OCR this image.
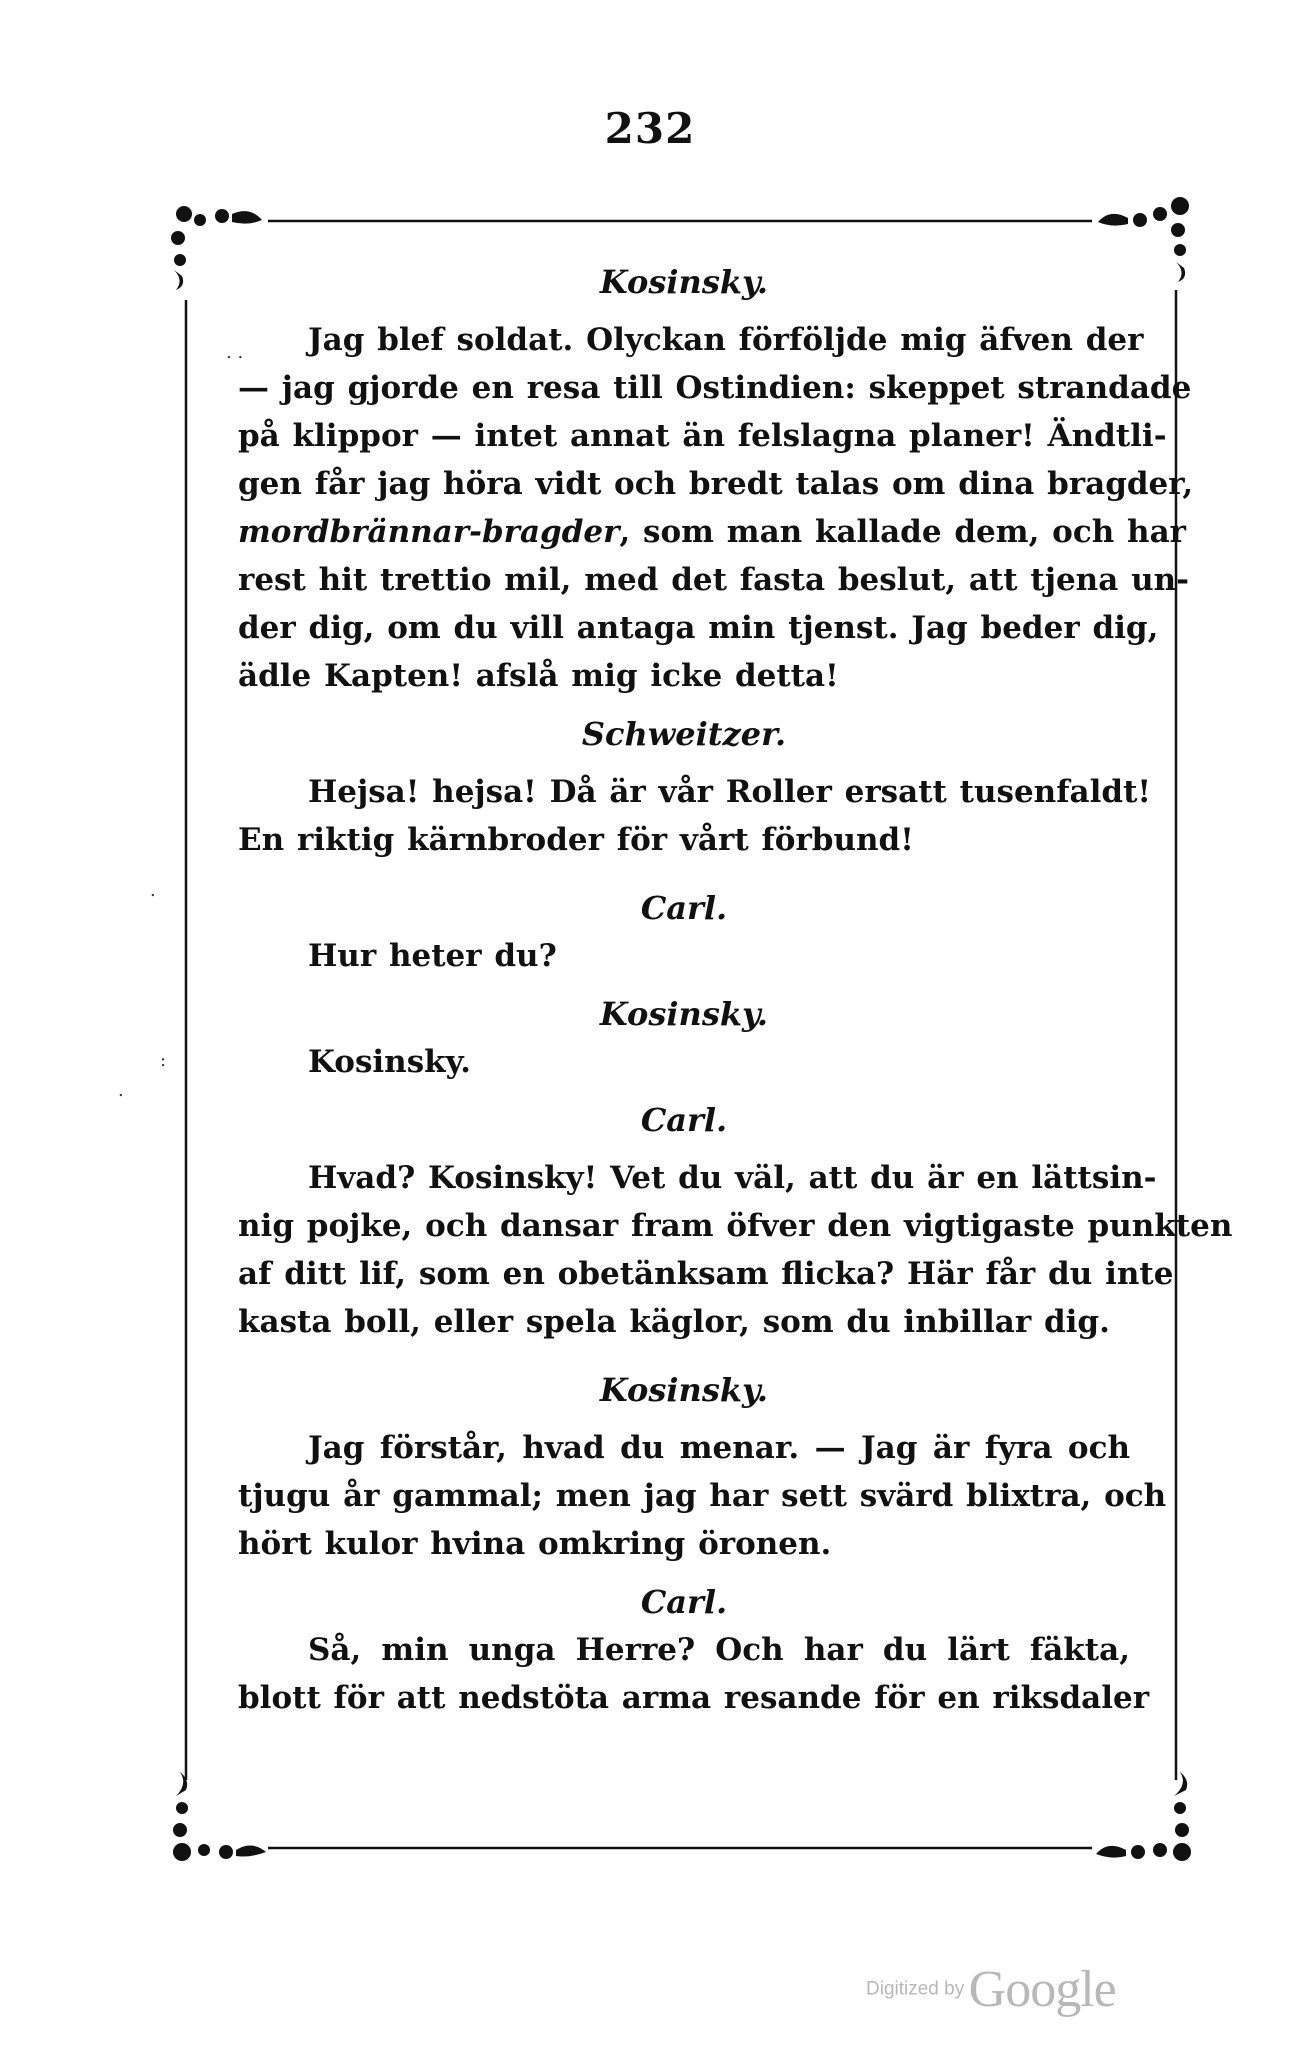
232
. .
.
:
.
Kosinsky.
Jag blef soldat. Olyckan förföljde mig äfven der
— jag gjorde en resa till Ostindien: skeppet strandade
på klippor — intet annat än felslagna planer! Ändtli-
gen får jag höra vidt och bredt talas om dina bragder,
mordbrännar-bragder, som man kallade dem, och har
rest hit trettio mil, med det fasta beslut, att tjena un-
der dig, om du vill antaga min tjenst. Jag beder dig,
ädle Kapten! afslå mig icke detta!
Schweitzer.
Hejsa! hejsa! Då är vår Roller ersatt tusenfaldt!
En riktig kärnbroder för vårt förbund!
Carl.
Hur heter du?
Kosinsky.
Kosinsky.
Carl.
Hvad? Kosinsky! Vet du väl, att du är en lättsin-
nig pojke, och dansar fram öfver den vigtigaste punkten
af ditt lif, som en obetänksam flicka? Här får du inte
kasta boll, eller spela käglor, som du inbillar dig.
Kosinsky.
Jag förstår, hvad du menar. — Jag är fyra och
tjugu år gammal; men jag har sett svärd blixtra, och
hört kulor hvina omkring öronen.
Carl.
Så, min unga Herre? Och har du lärt fäkta,
blott för att nedstöta arma resande för en riksdaler
Digitized by Google
